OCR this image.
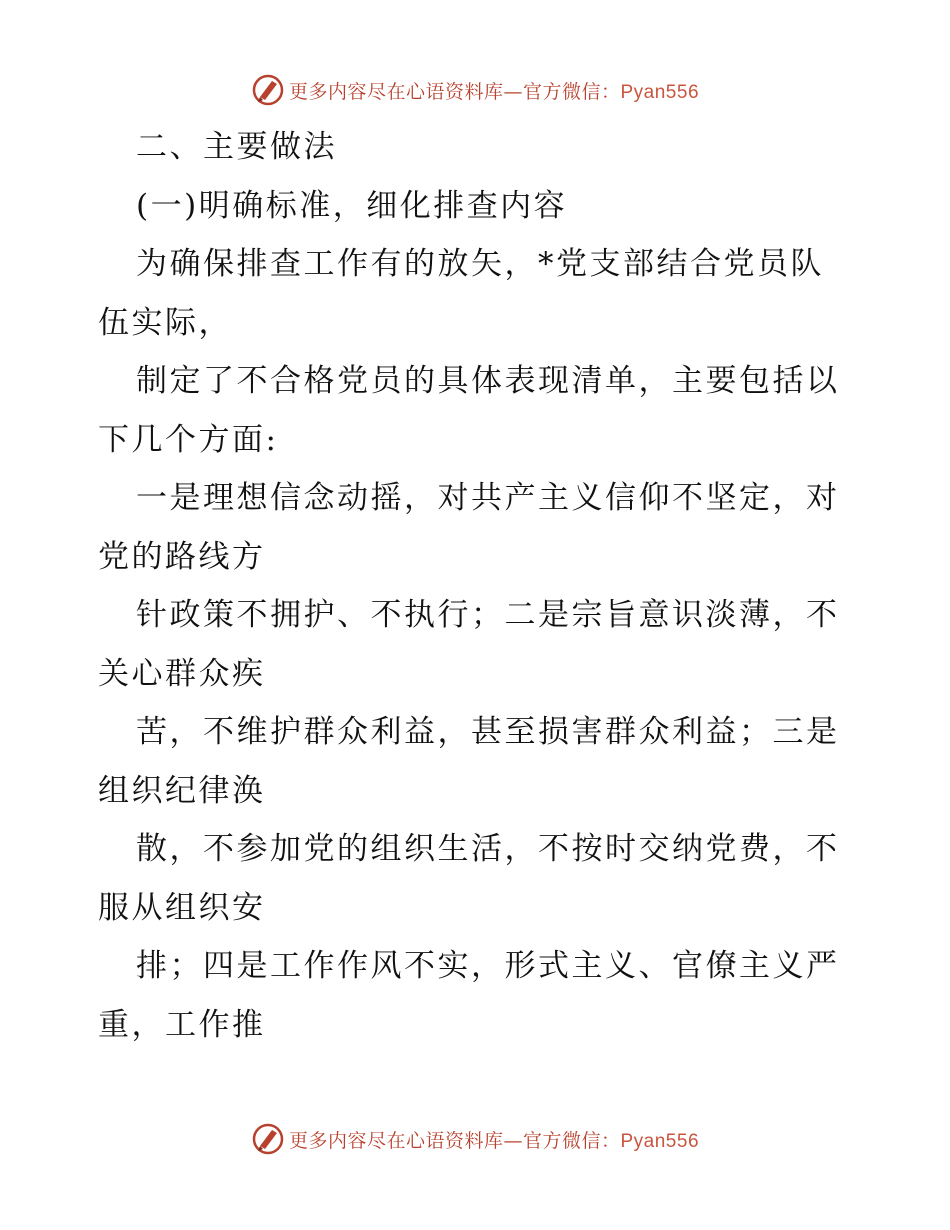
更多内容尽在心语资料库—官方微信：Pyan556
二、主要做法
(一)明确标准，细化排查内容
为确保排查工作有的放矢，*党支部结合党员队
伍实际，
制定了不合格党员的具体表现清单，主要包括以
下几个方面:
一是理想信念动摇，对共产主义信仰不坚定，对
党的路线方
针政策不拥护、不执行；二是宗旨意识淡薄，不
关心群众疾
苦，不维护群众利益，甚至损害群众利益；三是
组织纪律涣
散，不参加党的组织生活，不按时交纳党费，不
服从组织安
排；四是工作作风不实，形式主义、官僚主义严
重，工作推
更多内容尽在心语资料库—官方微信：Pyan556
